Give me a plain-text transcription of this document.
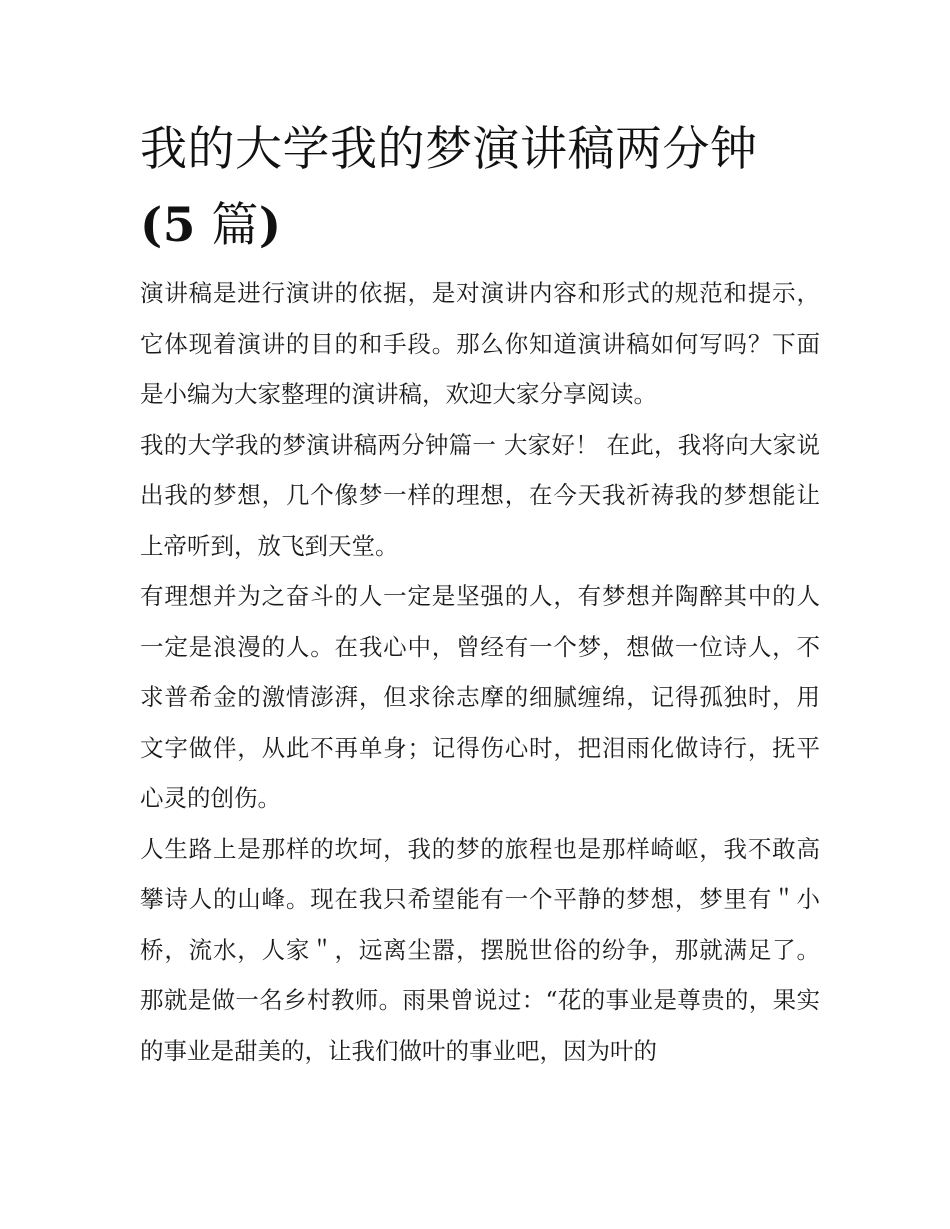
我的大学我的梦演讲稿两分钟
(5 篇)

演讲稿是进行演讲的依据，是对演讲内容和形式的规范和提示，它体现着演讲的目的和手段。那么你知道演讲稿如何写吗？下面是小编为大家整理的演讲稿，欢迎大家分享阅读。

我的大学我的梦演讲稿两分钟篇一 大家好！ 在此，我将向大家说出我的梦想，几个像梦一样的理想，在今天我祈祷我的梦想能让上帝听到，放飞到天堂。

有理想并为之奋斗的人一定是坚强的人，有梦想并陶醉其中的人一定是浪漫的人。在我心中，曾经有一个梦，想做一位诗人，不求普希金的激情澎湃，但求徐志摩的细腻缠绵，记得孤独时，用文字做伴，从此不再单身；记得伤心时，把泪雨化做诗行，抚平心灵的创伤。

人生路上是那样的坎坷，我的梦的旅程也是那样崎岖，我不敢高攀诗人的山峰。现在我只希望能有一个平静的梦想，梦里有＂小桥，流水，人家＂，远离尘嚣，摆脱世俗的纷争，那就满足了。那就是做一名乡村教师。雨果曾说过：“花的事业是尊贵的，果实的事业是甜美的，让我们做叶的事业吧，因为叶的
